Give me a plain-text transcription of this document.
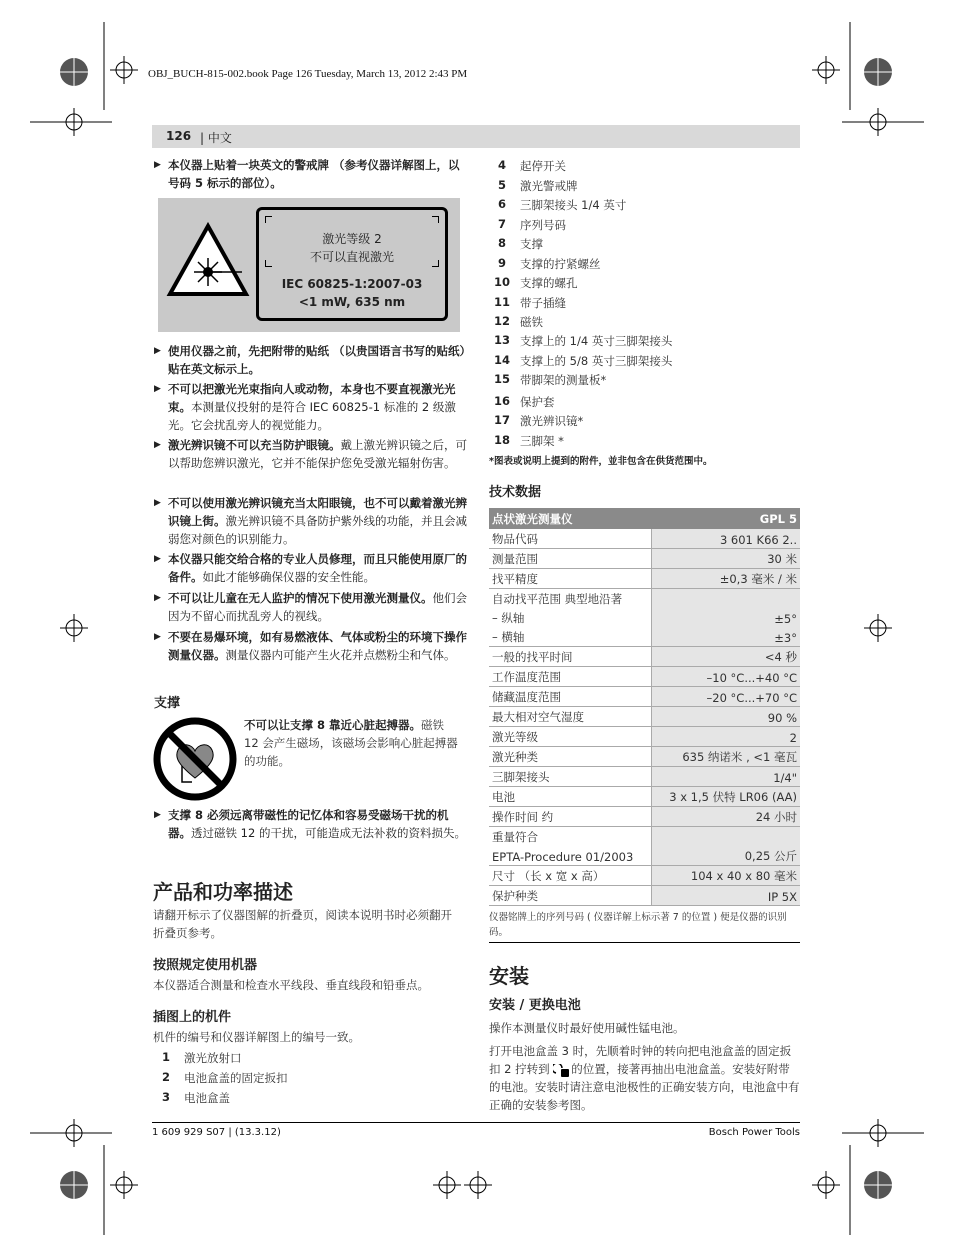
OBJ_BUCH-815-002.book Page 126 Tuesday, March 13, 2012 2:43 PM
126 | 中文
▶ 本仪器上贴着一块英文的警戒牌 （参考仪器详解图上，以号码 5 标示的部位）。
激光等级 2
不可以直视激光
IEC 60825-1:2007-03
<1 mW, 635 nm
▶ 使用仪器之前，先把附带的贴纸 （以贵国语言书写的贴纸）贴在英文标示上。
▶ 不可以把激光光束指向人或动物，本身也不要直视激光光束。本测量仪投射的是符合 IEC 60825-1 标准的 2 级激光。它会扰乱旁人的视觉能力。
▶ 激光辨识镜不可以充当防护眼镜。戴上激光辨识镜之后，可以帮助您辨识激光，它并不能保护您免受激光辐射伤害。
▶ 不可以使用激光辨识镜充当太阳眼镜，也不可以戴着激光辨识镜上街。激光辨识镜不具备防护紫外线的功能，并且会减弱您对颜色的识别能力。
▶ 本仪器只能交给合格的专业人员修理，而且只能使用原厂的备件。如此才能够确保仪器的安全性能。
▶ 不可以让儿童在无人监护的情况下使用激光测量仪。他们会因为不留心而扰乱旁人的视线。
▶ 不要在易爆环境，如有易燃液体、气体或粉尘的环境下操作测量仪器。测量仪器内可能产生火花并点燃粉尘和气体。
支撑
不可以让支撑 8 靠近心脏起搏器。磁铁 12 会产生磁场，该磁场会影响心脏起搏器的功能。
▶ 支撑 8 必须远离带磁性的记忆体和容易受磁场干扰的机器。透过磁铁 12 的干扰，可能造成无法补救的资料损失。
产品和功率描述
请翻开标示了仪器图解的折叠页，阅读本说明书时必须翻开折叠页参考。
按照规定使用机器
本仪器适合测量和检查水平线段、垂直线段和铅垂点。
插图上的机件
机件的编号和仪器详解图上的编号一致。
1 激光放射口
2 电池盒盖的固定扳扣
3 电池盒盖
4 起停开关
5 激光警戒牌
6 三脚架接头 1/4 英寸
7 序列号码
8 支撑
9 支撑的拧紧螺丝
10 支撑的螺孔
11 带子插缝
12 磁铁
13 支撑上的 1/4 英寸三脚架接头
14 支撑上的 5/8 英寸三脚架接头
15 带脚架的测量板*
16 保护套
17 激光辨识镜*
18 三脚架 *
*图表或说明上提到的附件，並非包含在供货范围中。
技术数据
点状激光测量仪	GPL 5
物品代码	3 601 K66 2..
测量范围	30 米
找平精度	±0,3 毫米 / 米
自动找平范围 典型地沿著	
– 纵轴	±5°
– 横轴	±3°
一般的找平时间	<4 秒
工作温度范围	–10 °C...+40 °C
储藏温度范围	–20 °C...+70 °C
最大相对空气湿度	90 %
激光等级	2
激光种类	635 纳诺米 , <1 毫瓦
三脚架接头	1/4"
电池	3 x 1,5 伏特 LR06 (AA)
操作时间 约	24 小时
重量符合	
EPTA-Procedure 01/2003	0,25 公斤
尺寸 （长 x 宽 x 高）	104 x 40 x 80 毫米
保护种类	IP 5X
仪器铭牌上的序列号码 ( 仪器详解上标示著 7 的位置 ) 便是仪器的识别码。
安装
安装 / 更换电池
操作本测量仪时最好使用碱性锰电池。
打开电池盒盖 3 时，先顺着时钟的转向把电池盒盖的固定扳扣 2 拧转到 的位置，接著再抽出电池盒盖。安装好附带的电池。安装时请注意电池极性的正确安装方向，电池盒中有正确的安装参考图。
1 609 929 S07 | (13.3.12)	Bosch Power Tools
